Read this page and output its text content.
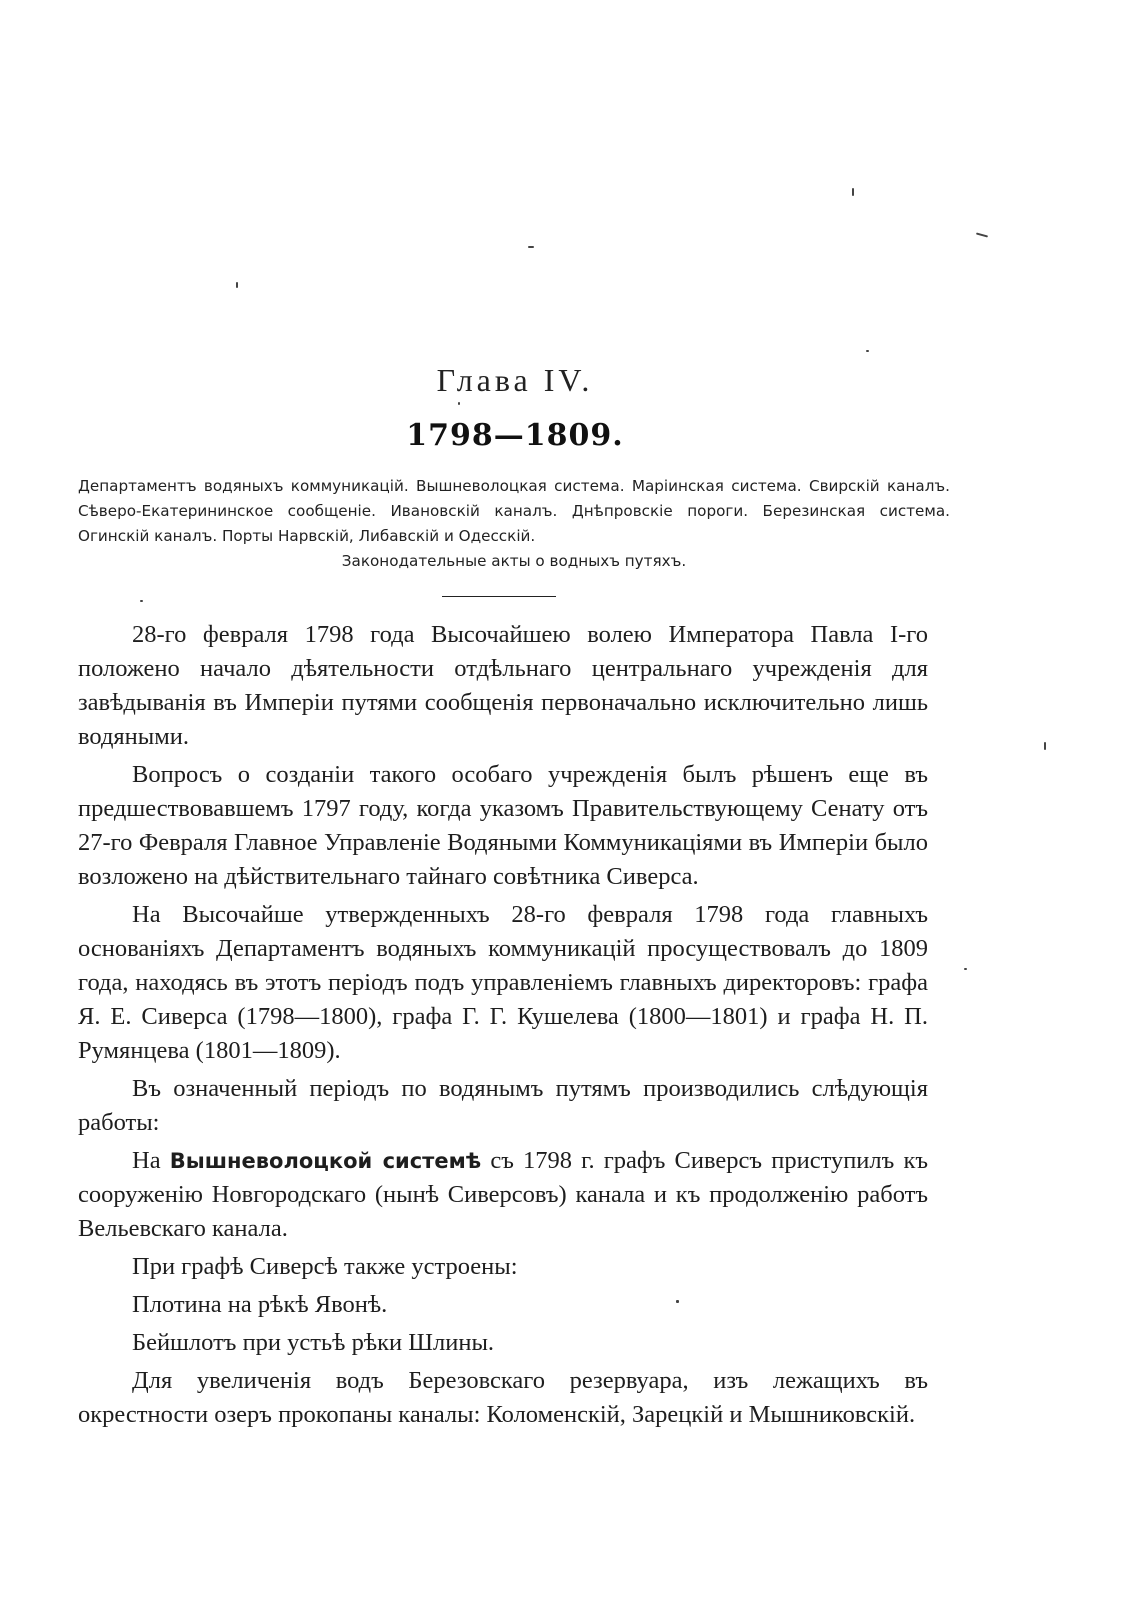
Глава IV.
1798—1809.
Департаментъ водяныхъ коммуникацій. Вышневолоцкая система. Маріинская система. Свирскій каналъ. Сѣверо-Екатерининское сообщеніе. Ивановскій каналъ. Днѣпровскіе пороги. Березинская система. Огинскій каналъ. Порты Нарвскій, Либавскій и Одесскій.
Законодательные акты о водныхъ путяхъ.

28-го февраля 1798 года Высочайшею волею Императора Павла I-го положено начало дѣятельности отдѣльнаго центральнаго учрежденія для завѣдыванія въ Имперіи путями сообщенія первоначально исключительно лишь водяными.

Вопросъ о созданіи такого особаго учрежденія былъ рѣшенъ еще въ предшествовавшемъ 1797 году, когда указомъ Правительствующему Сенату отъ 27-го Февраля Главное Управленіе Водяными Коммуникаціями въ Имперіи было возложено на дѣйствительнаго тайнаго совѣтника Сиверса.

На Высочайше утвержденныхъ 28-го февраля 1798 года главныхъ основаніяхъ Департаментъ водяныхъ коммуникацій просуществовалъ до 1809 года, находясь въ этотъ періодъ подъ управленіемъ главныхъ директоровъ: графа Я. Е. Сиверса (1798—1800), графа Г. Г. Кушелева (1800—1801) и графа Н. П. Румянцева (1801—1809).

Въ означенный періодъ по водянымъ путямъ производились слѣдующія работы:

На Вышневолоцкой системѣ съ 1798 г. графъ Сиверсъ приступилъ къ сооруженію Новгородскаго (нынѣ Сиверсовъ) канала и къ продолженію работъ Вельевскаго канала.

При графѣ Сиверсѣ также устроены:

Плотина на рѣкѣ Явонѣ.

Бейшлотъ при устьѣ рѣки Шлины.

Для увеличенія водъ Березовскаго резервуара, изъ лежащихъ въ окрестности озеръ прокопаны каналы: Коломенскій, Зарецкій и Мышниковскій.
